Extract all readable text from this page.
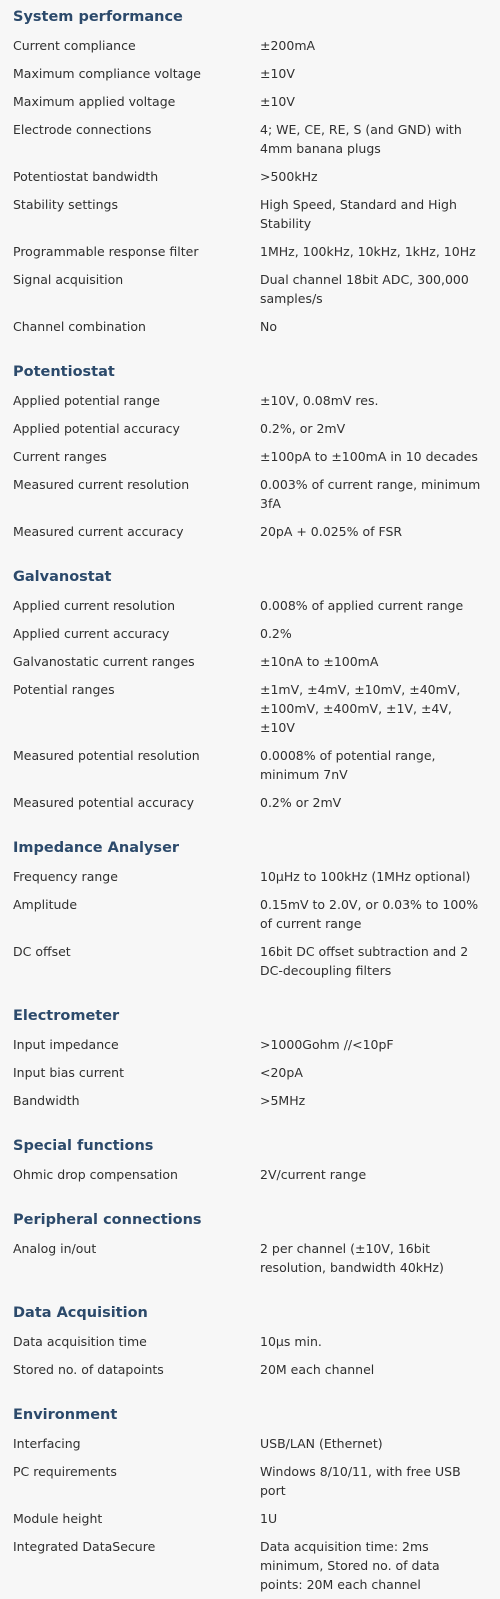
System performance
Current compliance	±200mA
Maximum compliance voltage	±10V
Maximum applied voltage	±10V
Electrode connections	4; WE, CE, RE, S (and GND) with 4mm banana plugs
Potentiostat bandwidth	>500kHz
Stability settings	High Speed, Standard and High Stability
Programmable response filter	1MHz, 100kHz, 10kHz, 1kHz, 10Hz
Signal acquisition	Dual channel 18bit ADC, 300,000 samples/s
Channel combination	No
Potentiostat
Applied potential range	±10V, 0.08mV res.
Applied potential accuracy	0.2%, or 2mV
Current ranges	±100pA to ±100mA in 10 decades
Measured current resolution	0.003% of current range, minimum 3fA
Measured current accuracy	20pA + 0.025% of FSR
Galvanostat
Applied current resolution	0.008% of applied current range
Applied current accuracy	0.2%
Galvanostatic current ranges	±10nA to ±100mA
Potential ranges	±1mV, ±4mV, ±10mV, ±40mV, ±100mV, ±400mV, ±1V, ±4V, ±10V
Measured potential resolution	0.0008% of potential range, minimum 7nV
Measured potential accuracy	0.2% or 2mV
Impedance Analyser
Frequency range	10µHz to 100kHz (1MHz optional)
Amplitude	0.15mV to 2.0V, or 0.03% to 100% of current range
DC offset	16bit DC offset subtraction and 2 DC-decoupling filters
Electrometer
Input impedance	>1000Gohm //<10pF
Input bias current	<20pA
Bandwidth	>5MHz
Special functions
Ohmic drop compensation	2V/current range
Peripheral connections
Analog in/out	2 per channel (±10V, 16bit resolution, bandwidth 40kHz)
Data Acquisition
Data acquisition time	10µs min.
Stored no. of datapoints	20M each channel
Environment
Interfacing	USB/LAN (Ethernet)
PC requirements	Windows 8/10/11, with free USB port
Module height	1U
Integrated DataSecure	Data acquisition time: 2ms minimum, Stored no. of data points: 20M each channel
